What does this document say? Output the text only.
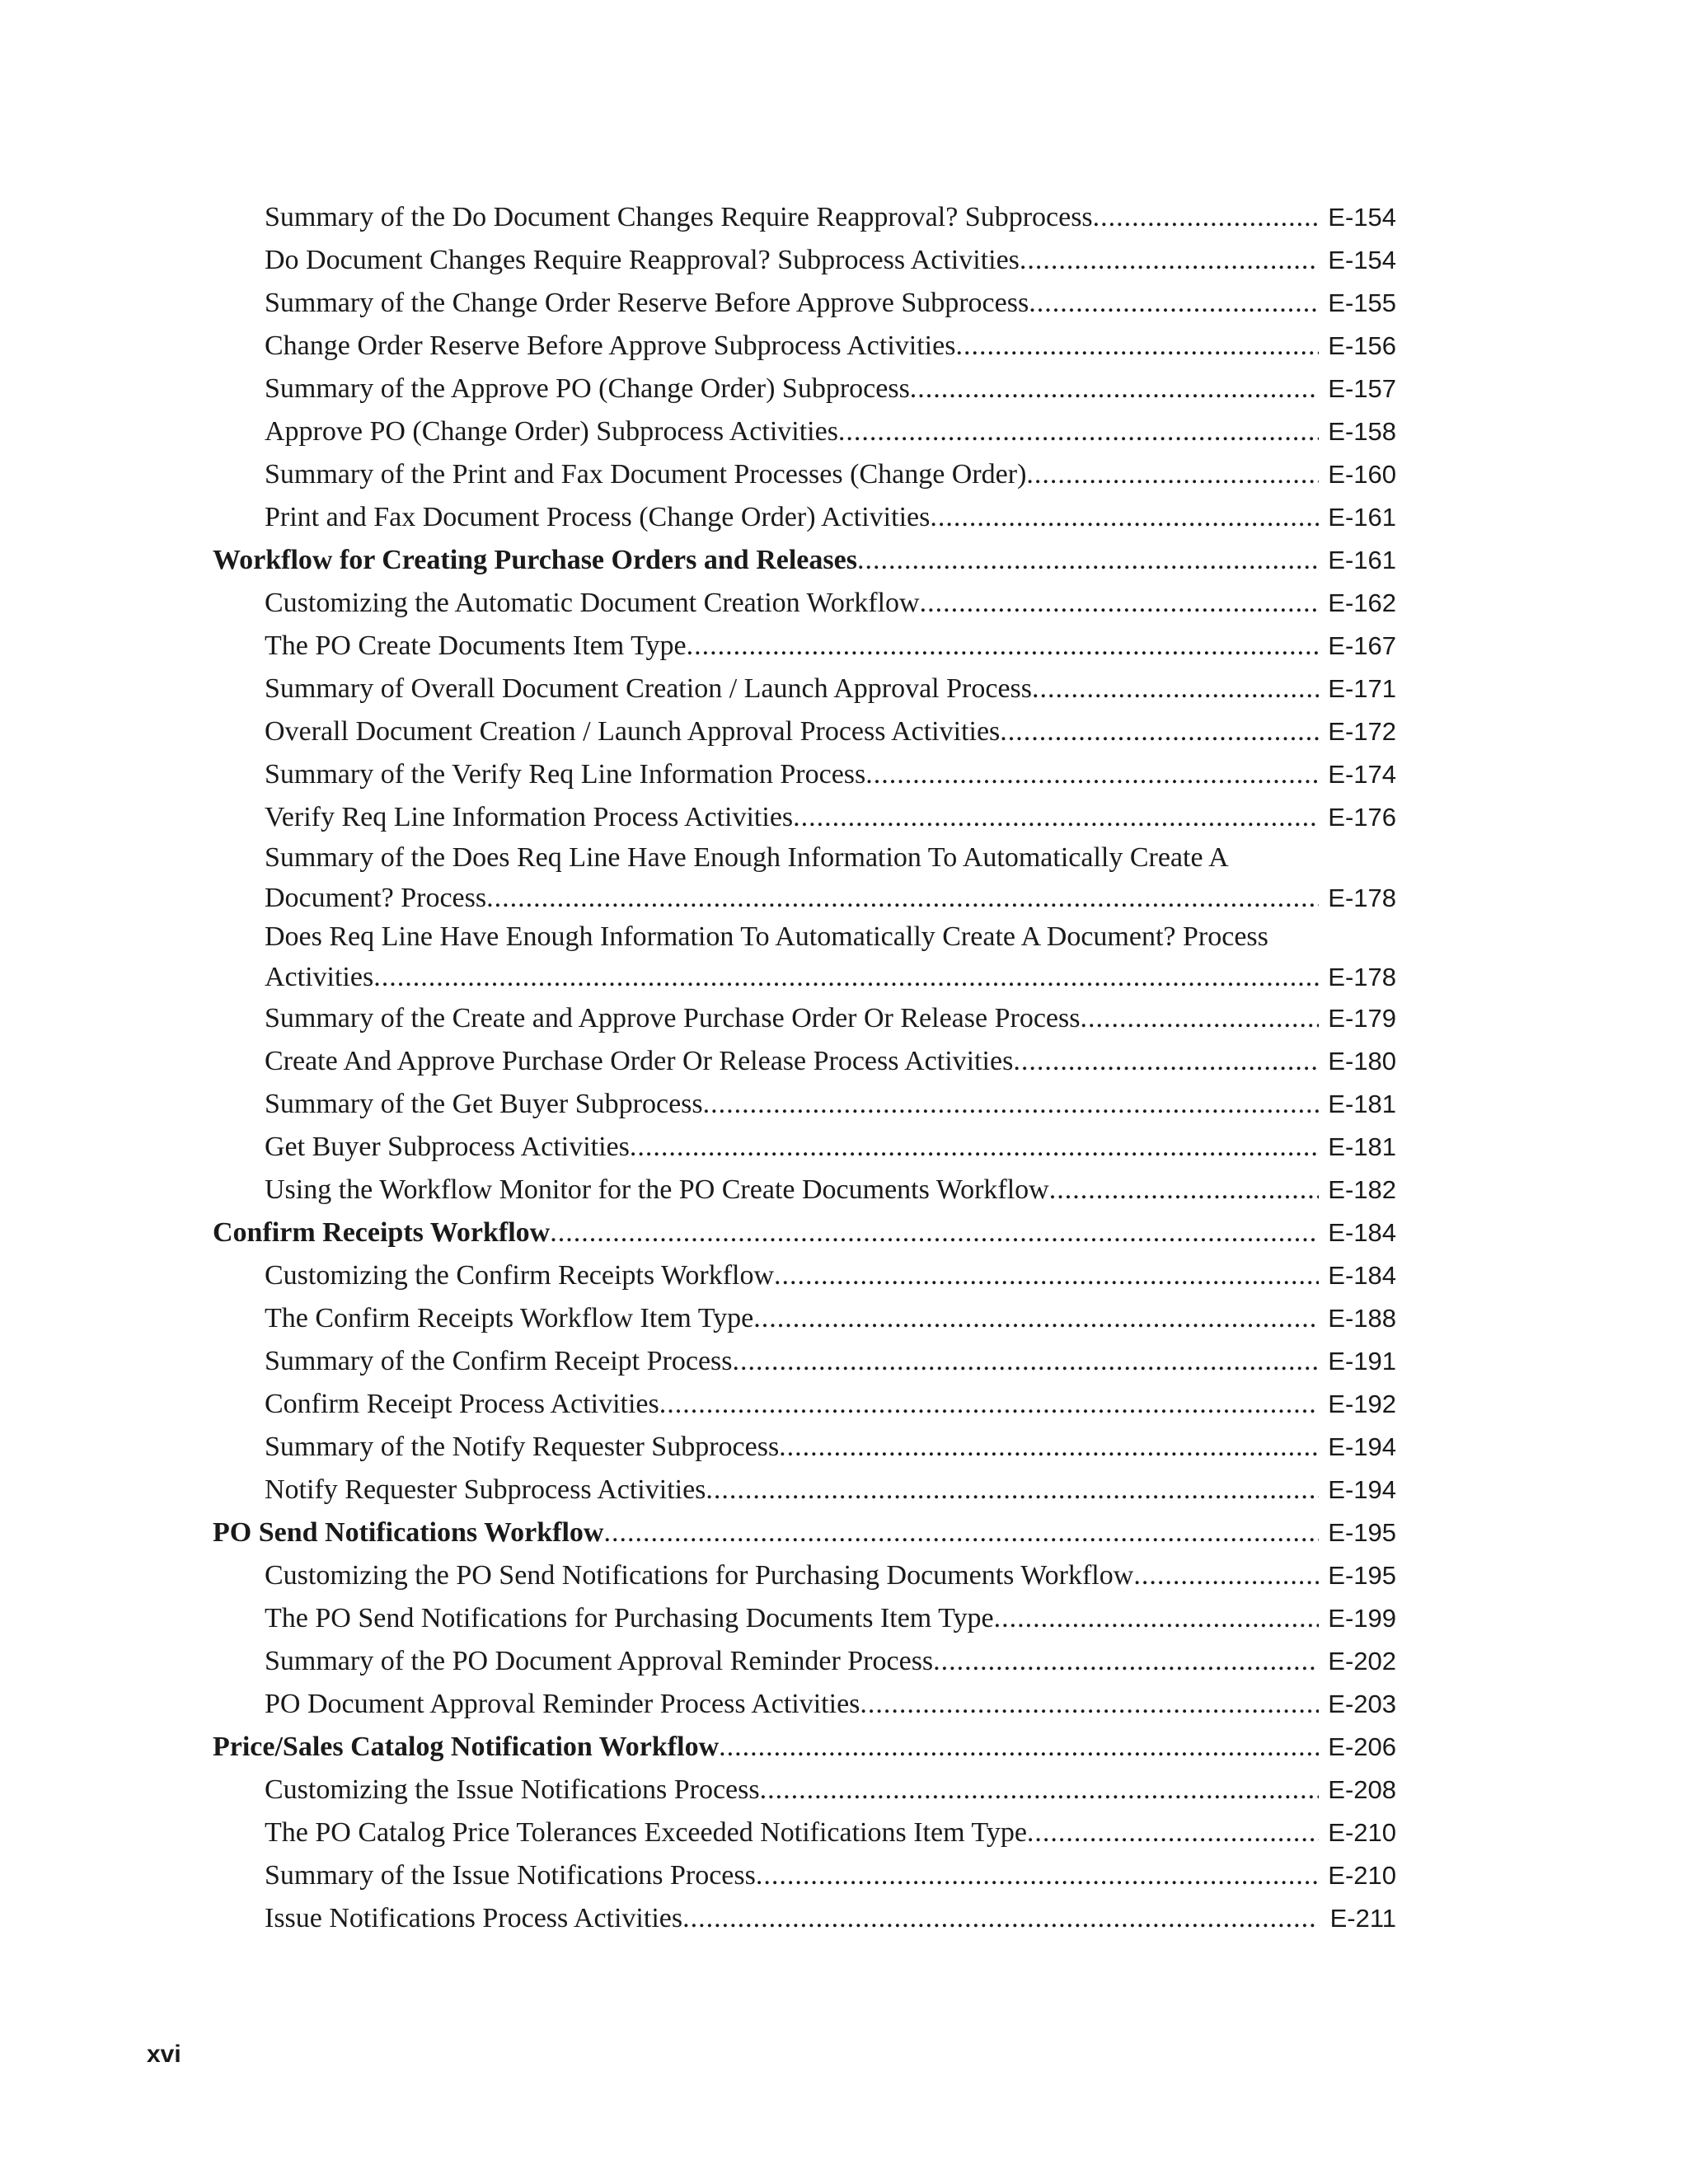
Summary of the Do Document Changes Require Reapproval? Subprocess .....	E-154
Do Document Changes Require Reapproval? Subprocess Activities .....	E-154
Summary of the Change Order Reserve Before Approve Subprocess .....	E-155
Change Order Reserve Before Approve Subprocess Activities .....	E-156
Summary of the Approve PO (Change Order) Subprocess .....	E-157
Approve PO (Change Order) Subprocess Activities .....	E-158
Summary of the Print and Fax Document Processes (Change Order) .....	E-160
Print and Fax Document Process (Change Order) Activities .....	E-161
Workflow for Creating Purchase Orders and Releases .....	E-161
Customizing the Automatic Document Creation Workflow .....	E-162
The PO Create Documents Item Type .....	E-167
Summary of Overall Document Creation / Launch Approval Process .....	E-171
Overall Document Creation / Launch Approval Process Activities .....	E-172
Summary of the Verify Req Line Information Process .....	E-174
Verify Req Line Information Process Activities .....	E-176
Summary of the Does Req Line Have Enough Information To Automatically Create A
Document? Process .....	E-178
Does Req Line Have Enough Information To Automatically Create A Document? Process
Activities .....	E-178
Summary of the Create and Approve Purchase Order Or Release Process .....	E-179
Create And Approve Purchase Order Or Release Process Activities .....	E-180
Summary of the Get Buyer Subprocess .....	E-181
Get Buyer Subprocess Activities .....	E-181
Using the Workflow Monitor for the PO Create Documents Workflow .....	E-182
Confirm Receipts Workflow .....	E-184
Customizing the Confirm Receipts Workflow .....	E-184
The Confirm Receipts Workflow Item Type .....	E-188
Summary of the Confirm Receipt Process .....	E-191
Confirm Receipt Process Activities .....	E-192
Summary of the Notify Requester Subprocess .....	E-194
Notify Requester Subprocess Activities .....	E-194
PO Send Notifications Workflow .....	E-195
Customizing the PO Send Notifications for Purchasing Documents Workflow .....	E-195
The PO Send Notifications for Purchasing Documents Item Type .....	E-199
Summary of the PO Document Approval Reminder Process .....	E-202
PO Document Approval Reminder Process Activities .....	E-203
Price/Sales Catalog Notification Workflow .....	E-206
Customizing the Issue Notifications Process .....	E-208
The PO Catalog Price Tolerances Exceeded Notifications Item Type .....	E-210
Summary of the Issue Notifications Process .....	E-210
Issue Notifications Process Activities .....	E-211
xvi
